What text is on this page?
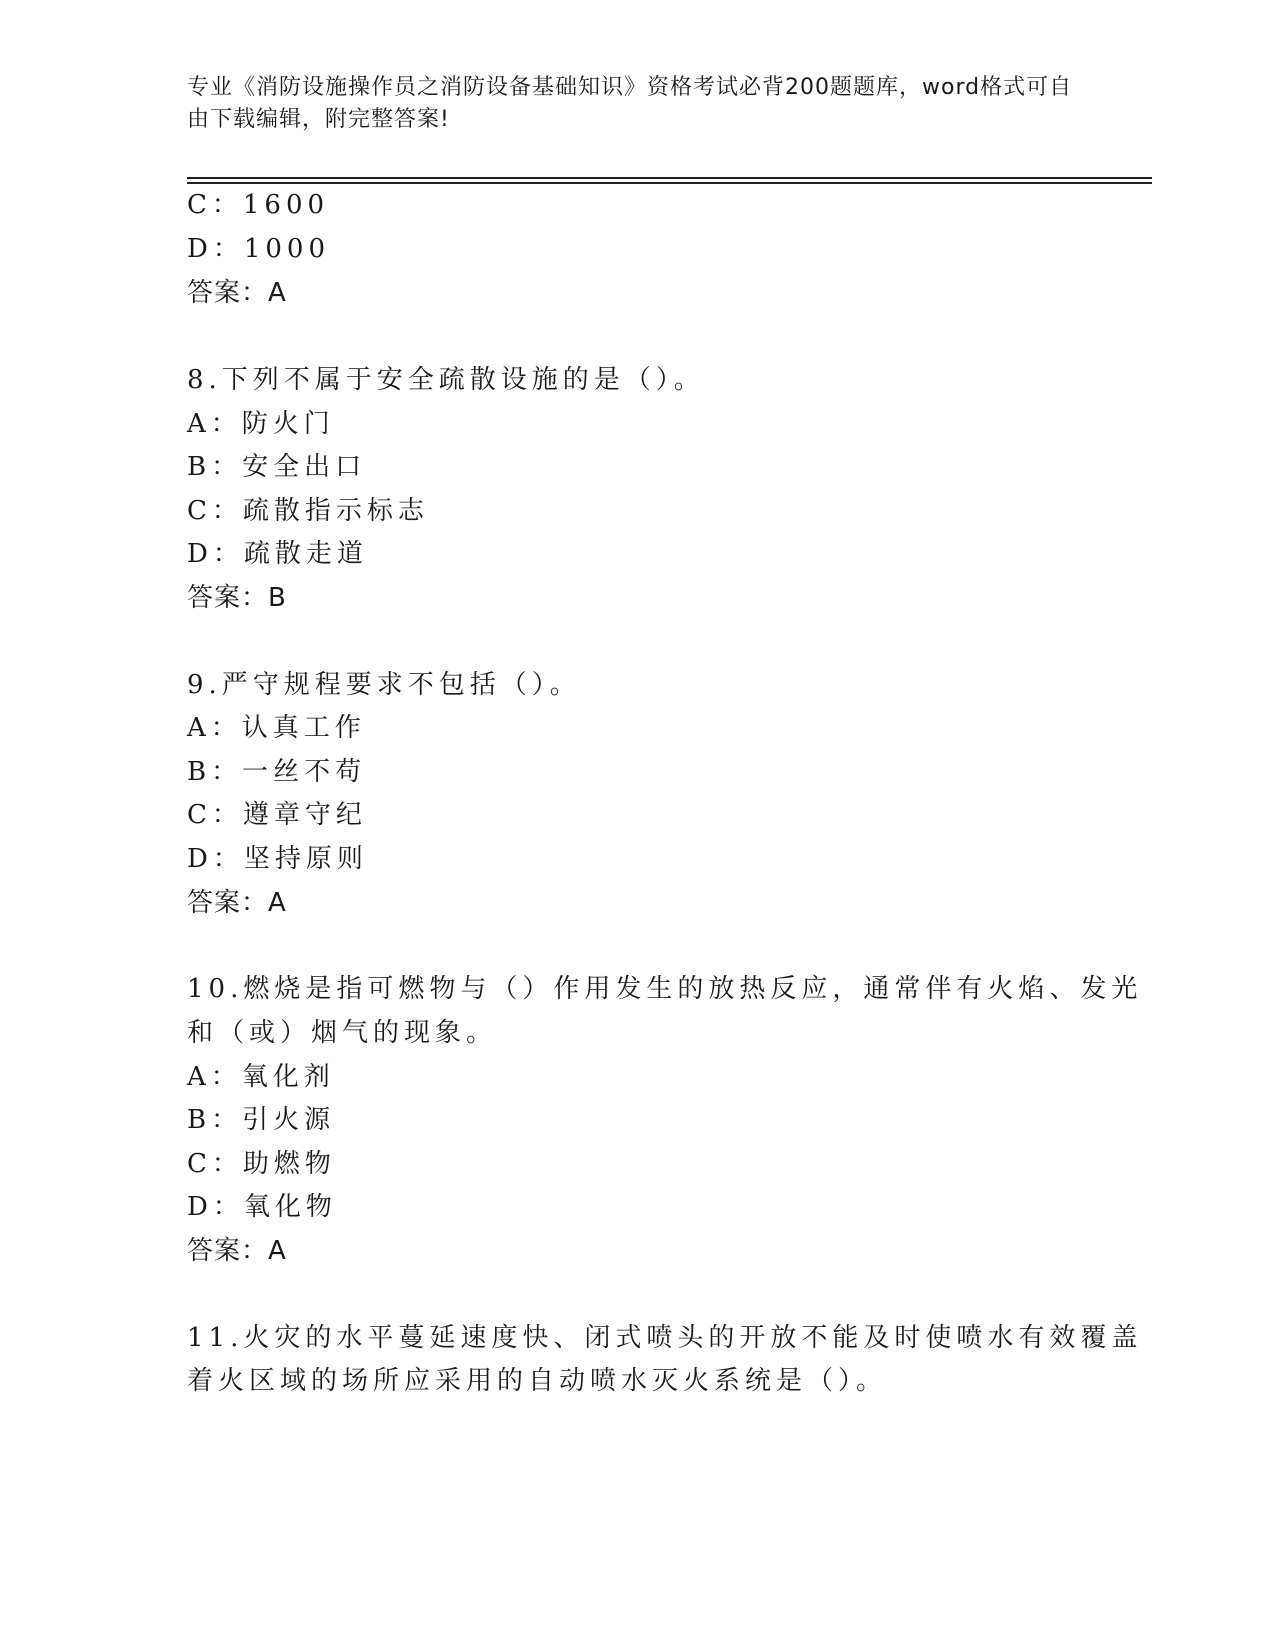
专业《消防设施操作员之消防设备基础知识》资格考试必背200题题库，word格式可自由下载编辑，附完整答案!
C：1600
D：1000
答案：A
8.下列不属于安全疏散设施的是（）。
A：防火门
B：安全出口
C：疏散指示标志
D：疏散走道
答案：B
9.严守规程要求不包括（）。
A：认真工作
B：一丝不苟
C：遵章守纪
D：坚持原则
答案：A
10.燃烧是指可燃物与（）作用发生的放热反应，通常伴有火焰、发光
和（或）烟气的现象。
A：氧化剂
B：引火源
C：助燃物
D：氧化物
答案：A
11.火灾的水平蔓延速度快、闭式喷头的开放不能及时使喷水有效覆盖
着火区域的场所应采用的自动喷水灭火系统是（）。
